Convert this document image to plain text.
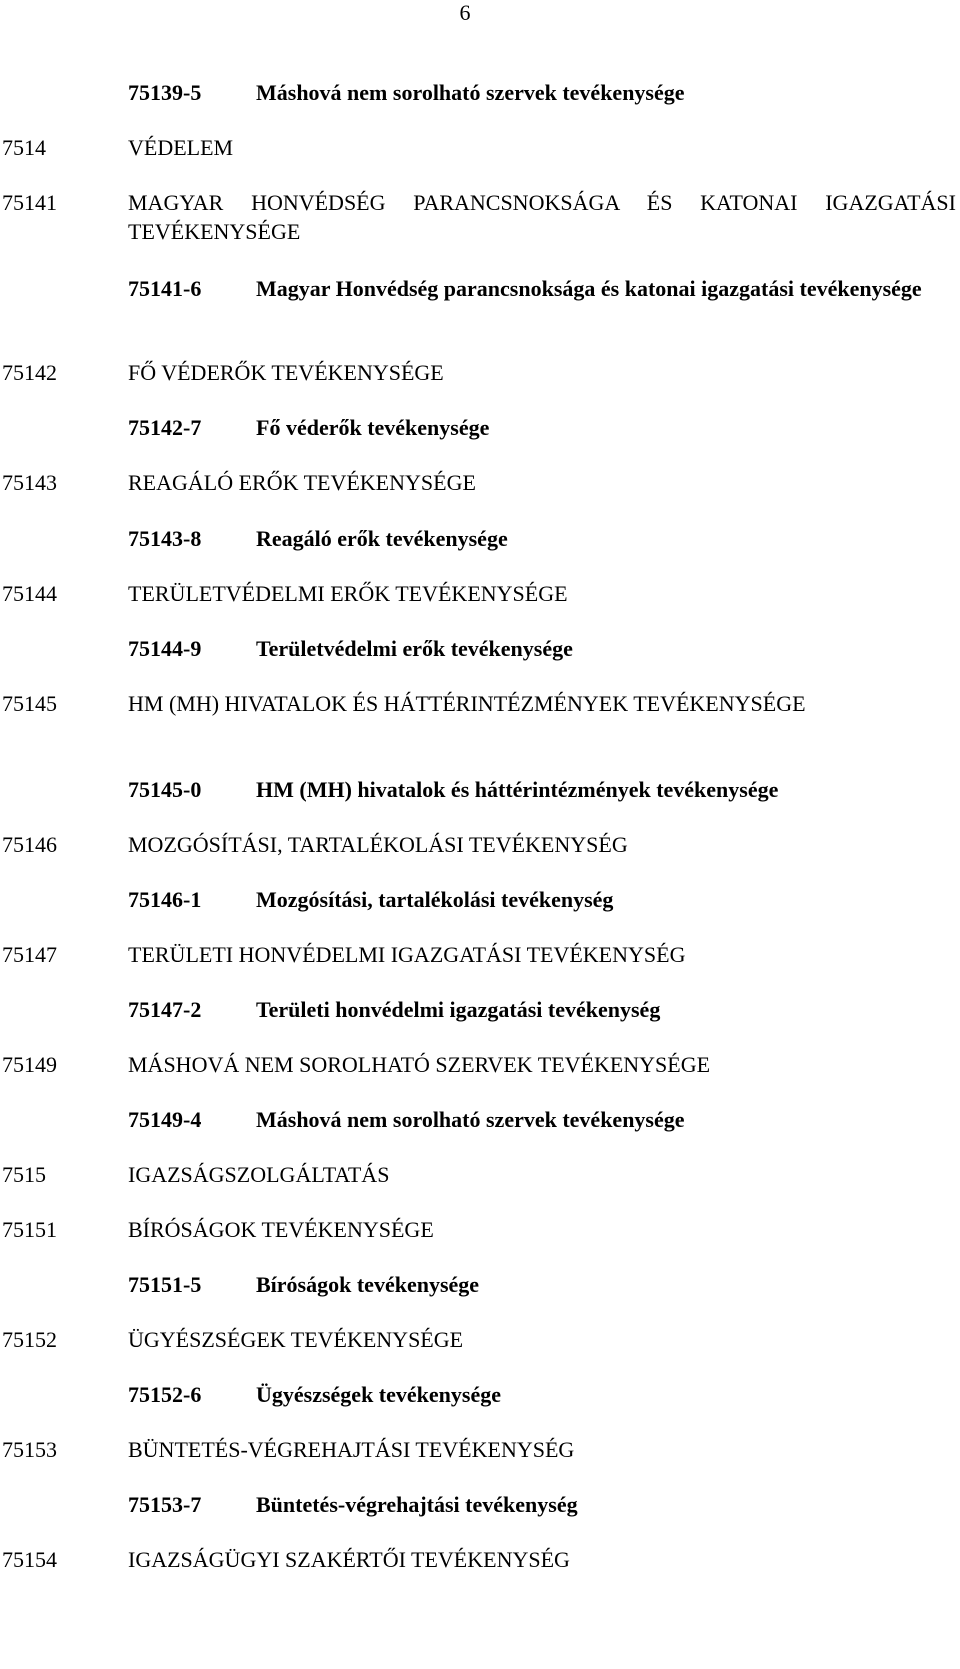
6
75139-5 Máshová nem sorolható szervek tevékenysége
7514	VÉDELEM
75141	MAGYAR HONVÉDSÉG PARANCSNOKSÁGA ÉS KATONAI IGAZGATÁSI TEVÉKENYSÉGE
75141-6 Magyar Honvédség parancsnoksága és katonai igazgatási tevékenysége
75142	FŐ VÉDERŐK TEVÉKENYSÉGE
75142-7 Fő véderők tevékenysége
75143	REAGÁLÓ ERŐK TEVÉKENYSÉGE
75143-8 Reagáló erők tevékenysége
75144	TERÜLETVÉDELMI ERŐK TEVÉKENYSÉGE
75144-9 Területvédelmi erők tevékenysége
75145	HM (MH) HIVATALOK ÉS HÁTTÉRINTÉZMÉNYEK TEVÉKENYSÉGE
75145-0 HM (MH) hivatalok és háttérintézmények tevékenysége
75146	MOZGÓSÍTÁSI, TARTALÉKOLÁSI TEVÉKENYSÉG
75146-1 Mozgósítási, tartalékolási tevékenység
75147	TERÜLETI HONVÉDELMI IGAZGATÁSI TEVÉKENYSÉG
75147-2 Területi honvédelmi igazgatási tevékenység
75149	MÁSHOVÁ NEM SOROLHATÓ SZERVEK TEVÉKENYSÉGE
75149-4 Máshová nem sorolható szervek tevékenysége
7515	IGAZSÁGSZOLGÁLTATÁS
75151	BÍRÓSÁGOK TEVÉKENYSÉGE
75151-5 Bíróságok tevékenysége
75152	ÜGYÉSZSÉGEK TEVÉKENYSÉGE
75152-6 Ügyészségek tevékenysége
75153	BÜNTETÉS-VÉGREHAJTÁSI TEVÉKENYSÉG
75153-7 Büntetés-végrehajtási tevékenység
75154	IGAZSÁGÜGYI SZAKÉRTŐI TEVÉKENYSÉG
